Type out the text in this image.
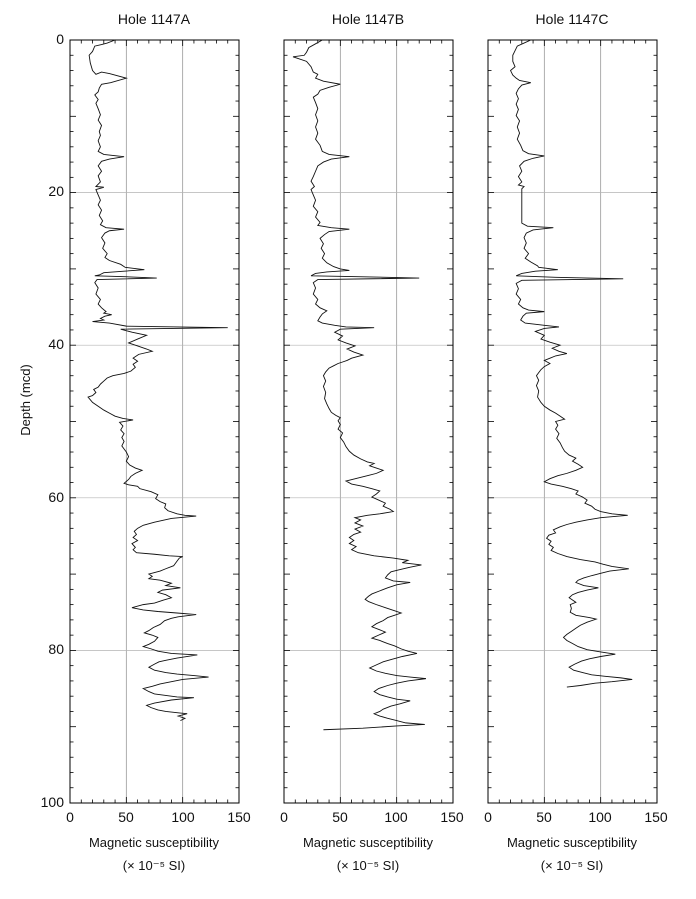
Depth (mcd)
0
20
40
60
80
100
Hole 1147A
0	50	100 150
Magnetic susceptibility
(× 10⁻⁵ SI)
Hole 1147B
0	50	100 150
Magnetic susceptibility
(× 10⁻⁵ SI)
Hole 1147C
0	50	100 150
Magnetic susceptibility
(× 10⁻⁵ SI)
